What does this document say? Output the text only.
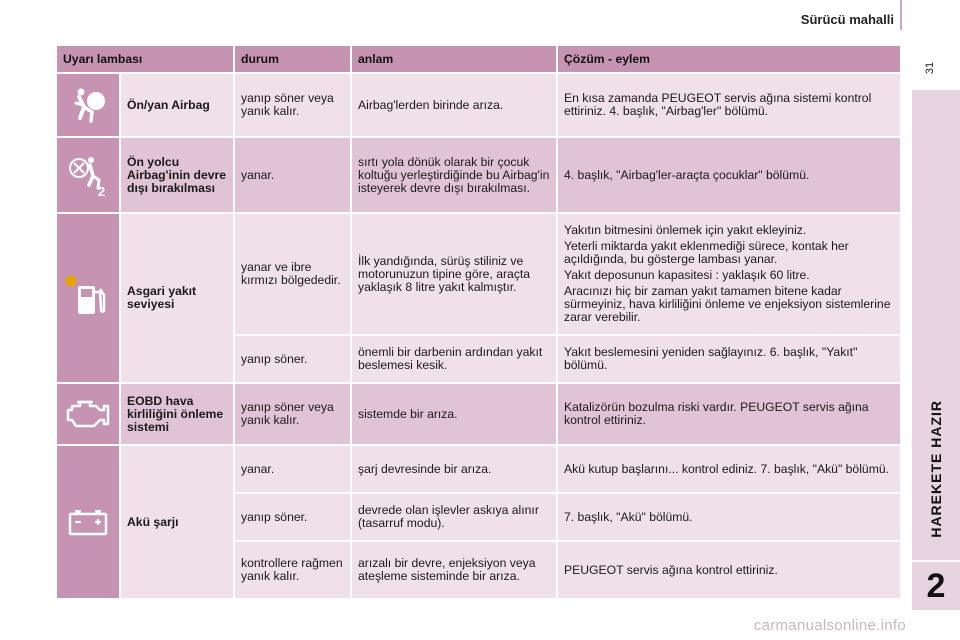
Sürücü mahalli
31
HAREKETE HAZIR
2
Uyarı lambası		durum	anlam	Çözüm - eylem

	Ön/yan Airbag	yanıp söner veya yanık kalır.	Airbag'lerden birinde arıza.	En kısa zamanda PEUGEOT servis ağına sistemi kontrol ettiriniz. 4. başlık, "Airbag'ler" bölümü.

2	Ön yolcu Airbag'inin devre dışı bırakılması	yanar.	sırtı yola dönük olarak bir çocuk koltuğu yerleştirdiğinde bu Airbag'in isteyerek devre dışı bırakılması.	4. başlık, "Airbag'ler-araçta çocuklar" bölümü.

	Asgari yakıt seviyesi	yanar ve ibre kırmızı bölgededir.	İlk yandığında, sürüş stiliniz ve motorunuzun tipine göre, araçta yaklaşık 8 litre yakıt kalmıştır.	Yakıtın bitmesini önlemek için yakıt ekleyiniz.

Yeterli miktarda yakıt eklenmediği sürece, kontak her açıldığında, bu gösterge lambası yanar.

Yakıt deposunun kapasitesi : yaklaşık 60 litre.

Aracınızı hiç bir zaman yakıt tamamen bitene kadar sürmeyiniz, hava kirliliğini önleme ve enjeksiyon sistemlerine zarar verebilir.

		yanıp söner.	önemli bir darbenin ardından yakıt beslemesi kesik.	Yakıt beslemesini yeniden sağlayınız. 6. başlık, "Yakıt" bölümü.

	EOBD hava kirliliğini önleme sistemi	yanıp söner veya yanık kalır.	sistemde bir arıza.	Katalizörün bozulma riski vardır. PEUGEOT servis ağına kontrol ettiriniz.

	Akü şarjı	yanar.	şarj devresinde bir arıza.	Akü kutup başlarını... kontrol ediniz. 7. başlık, "Akü" bölümü.

		yanıp söner.	devrede olan işlevler askıya alınır (tasarruf modu).	7. başlık, "Akü" bölümü.

		kontrollere rağmen yanık kalır.	arızalı bir devre, enjeksiyon veya ateşleme sisteminde bir arıza.	PEUGEOT servis ağına kontrol ettiriniz.

carmanualsonline.info
